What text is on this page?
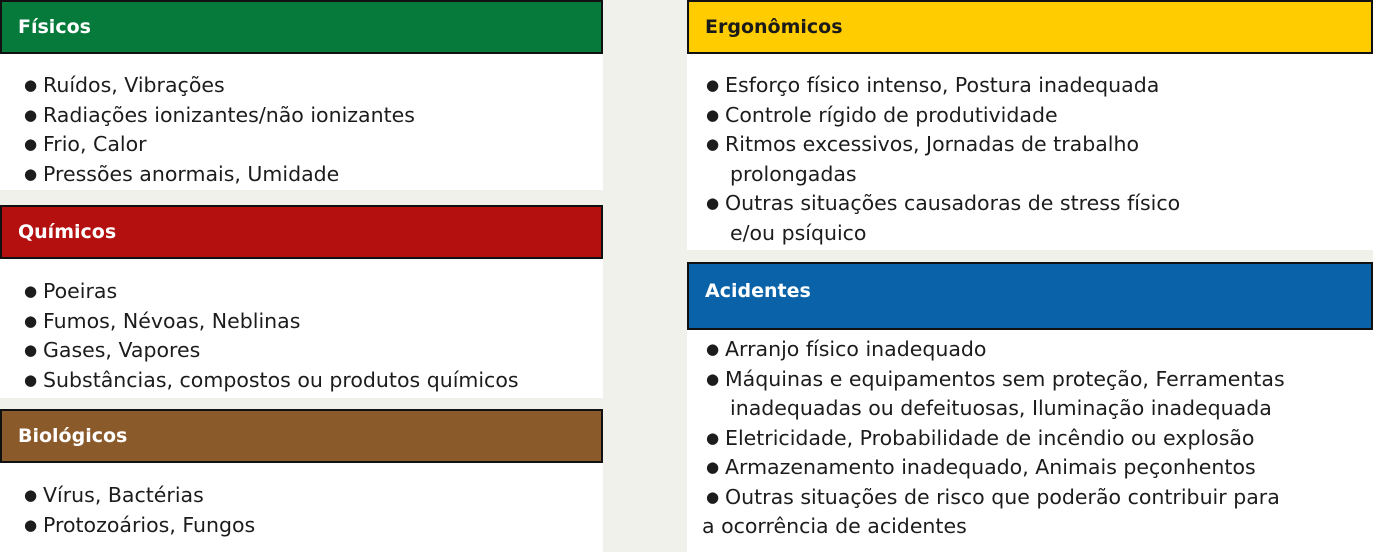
Físicos
● Ruídos, Vibrações
● Radiações ionizantes/não ionizantes
● Frio, Calor
● Pressões anormais, Umidade
Químicos
● Poeiras
● Fumos, Névoas, Neblinas
● Gases, Vapores
● Substâncias, compostos ou produtos químicos
Biológicos
● Vírus, Bactérias
● Protozoários, Fungos
Ergonômicos
● Esforço físico intenso, Postura inadequada
● Controle rígido de produtividade
● Ritmos excessivos, Jornadas de trabalho
prolongadas
● Outras situações causadoras de stress físico
e/ou psíquico
Acidentes
● Arranjo físico inadequado
● Máquinas e equipamentos sem proteção, Ferramentas
inadequadas ou defeituosas, Iluminação inadequada
● Eletricidade, Probabilidade de incêndio ou explosão
● Armazenamento inadequado, Animais peçonhentos
● Outras situações de risco que poderão contribuir para
a ocorrência de acidentes
